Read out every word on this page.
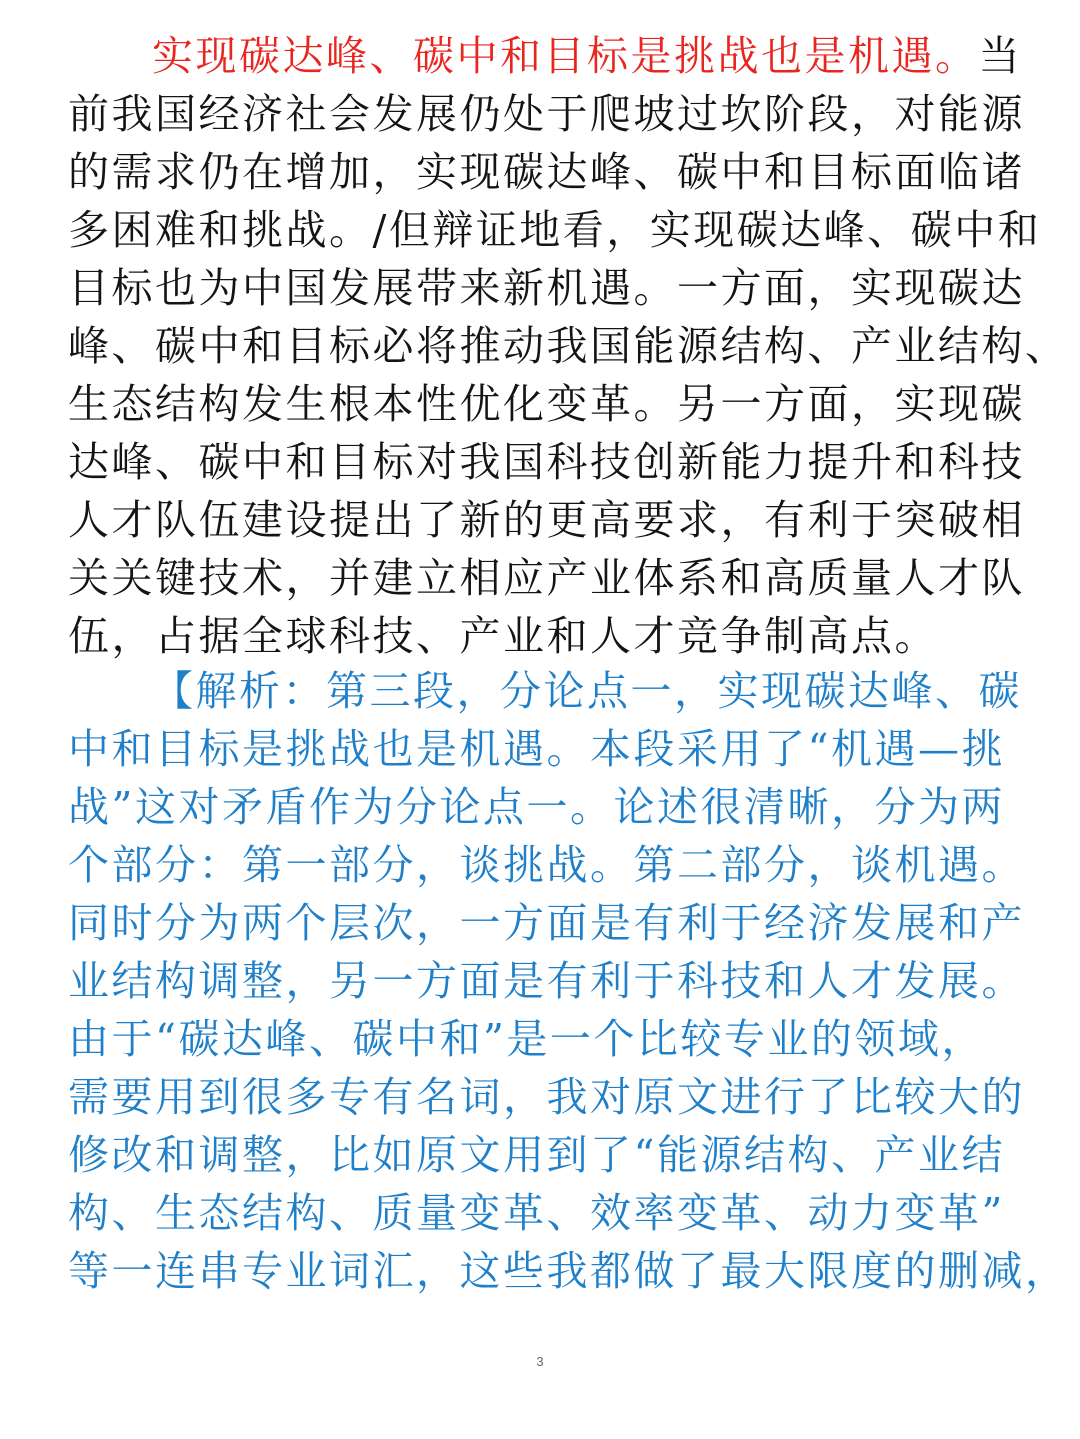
实现碳达峰、碳中和目标是挑战也是机遇。当
前我国经济社会发展仍处于爬坡过坎阶段，对能源
的需求仍在增加，实现碳达峰、碳中和目标面临诸
多困难和挑战。/但辩证地看，实现碳达峰、碳中和
目标也为中国发展带来新机遇。一方面，实现碳达
峰、碳中和目标必将推动我国能源结构、产业结构、
生态结构发生根本性优化变革。另一方面，实现碳
达峰、碳中和目标对我国科技创新能力提升和科技
人才队伍建设提出了新的更高要求，有利于突破相
关关键技术，并建立相应产业体系和高质量人才队
伍，占据全球科技、产业和人才竞争制高点。
【解析：第三段，分论点一，实现碳达峰、碳
中和目标是挑战也是机遇。本段采用了“机遇—挑
战”这对矛盾作为分论点一。论述很清晰，分为两
个部分：第一部分，谈挑战。第二部分，谈机遇。
同时分为两个层次，一方面是有利于经济发展和产
业结构调整，另一方面是有利于科技和人才发展。
由于“碳达峰、碳中和”是一个比较专业的领域，
需要用到很多专有名词，我对原文进行了比较大的
修改和调整，比如原文用到了“能源结构、产业结
构、生态结构、质量变革、效率变革、动力变革”
等一连串专业词汇，这些我都做了最大限度的删减，
3
